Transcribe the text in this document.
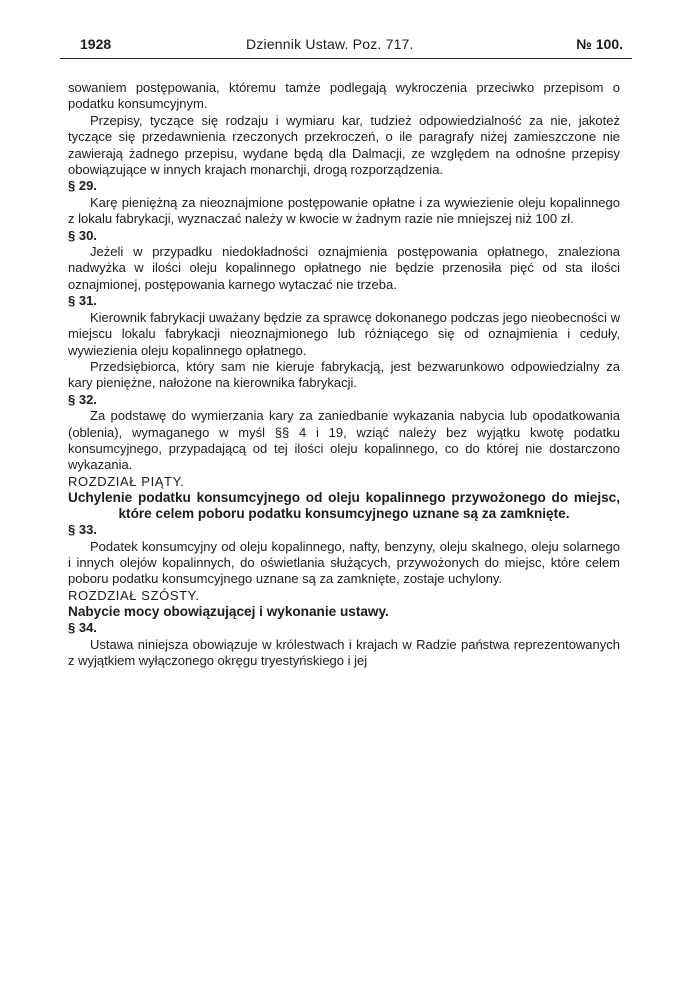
1928	Dziennik Ustaw. Poz. 717.	№ 100.

sowaniem postępowania, któremu tamże podlegają wykroczenia przeciwko przepisom o podatku konsumcyjnym.

Przepisy, tyczące się rodzaju i wymiaru kar, tudzież odpowiedzialność za nie, jakoteż tyczące się przedawnienia rzeczonych przekroczeń, o ile paragrafy niżej zamieszczone nie zawierają żadnego przepisu, wydane będą dla Dalmacji, ze względem na odnośne przepisy obowiązujące w innych krajach monarchji, drogą rozporządzenia.

§ 29.

Karę pieniężną za nieoznajmione postępowanie opłatne i za wywiezienie oleju kopalinnego z lokalu fabrykacji, wyznaczać należy w kwocie w żadnym razie nie mniejszej niż 100 zł.

§ 30.

Jeżeli w przypadku niedokładności oznajmienia postępowania opłatnego, znaleziona nadwyżka w ilości oleju kopalinnego opłatnego nie będzie przenosiła pięć od sta ilości oznajmionej, postępowania karnego wytaczać nie trzeba.

§ 31.

Kierownik fabrykacji uważany będzie za sprawcę dokonanego podczas jego nieobecności w miejscu lokalu fabrykacji nieoznajmionego lub różniącego się od oznajmienia i ceduły, wywiezienia oleju kopalinnego opłatnego.

Przedsiębiorca, który sam nie kieruje fabrykacją, jest bezwarunkowo odpowiedzialny za kary pieniężne, nałożone na kierownika fabrykacji.

§ 32.

Za podstawę do wymierzania kary za zaniedbanie wykazania nabycia lub opodatkowania (oblenia), wymaganego w myśl §§ 4 i 19, wziąć należy bez wyjątku kwotę podatku konsumcyjnego, przypadającą od tej ilości oleju kopalinnego, co do której nie dostarczono wykazania.

ROZDZIAŁ PIĄTY.

Uchylenie podatku konsumcyjnego od oleju kopalinnego przywożonego do miejsc, które celem poboru podatku konsumcyjnego uznane są za zamknięte.

§ 33.

Podatek konsumcyjny od oleju kopalinnego, nafty, benzyny, oleju skalnego, oleju solarnego i innych olejów kopalinnych, do oświetlania służących, przywożonych do miejsc, które celem poboru podatku konsumcyjnego uznane są za zamknięte, zostaje uchylony.

ROZDZIAŁ SZÓSTY.

Nabycie mocy obowiązującej i wykonanie ustawy.

§ 34.

Ustawa niniejsza obowiązuje w królestwach i krajach w Radzie państwa reprezentowanych z wyjątkiem wyłączonego okręgu tryestyńskiego i jej
